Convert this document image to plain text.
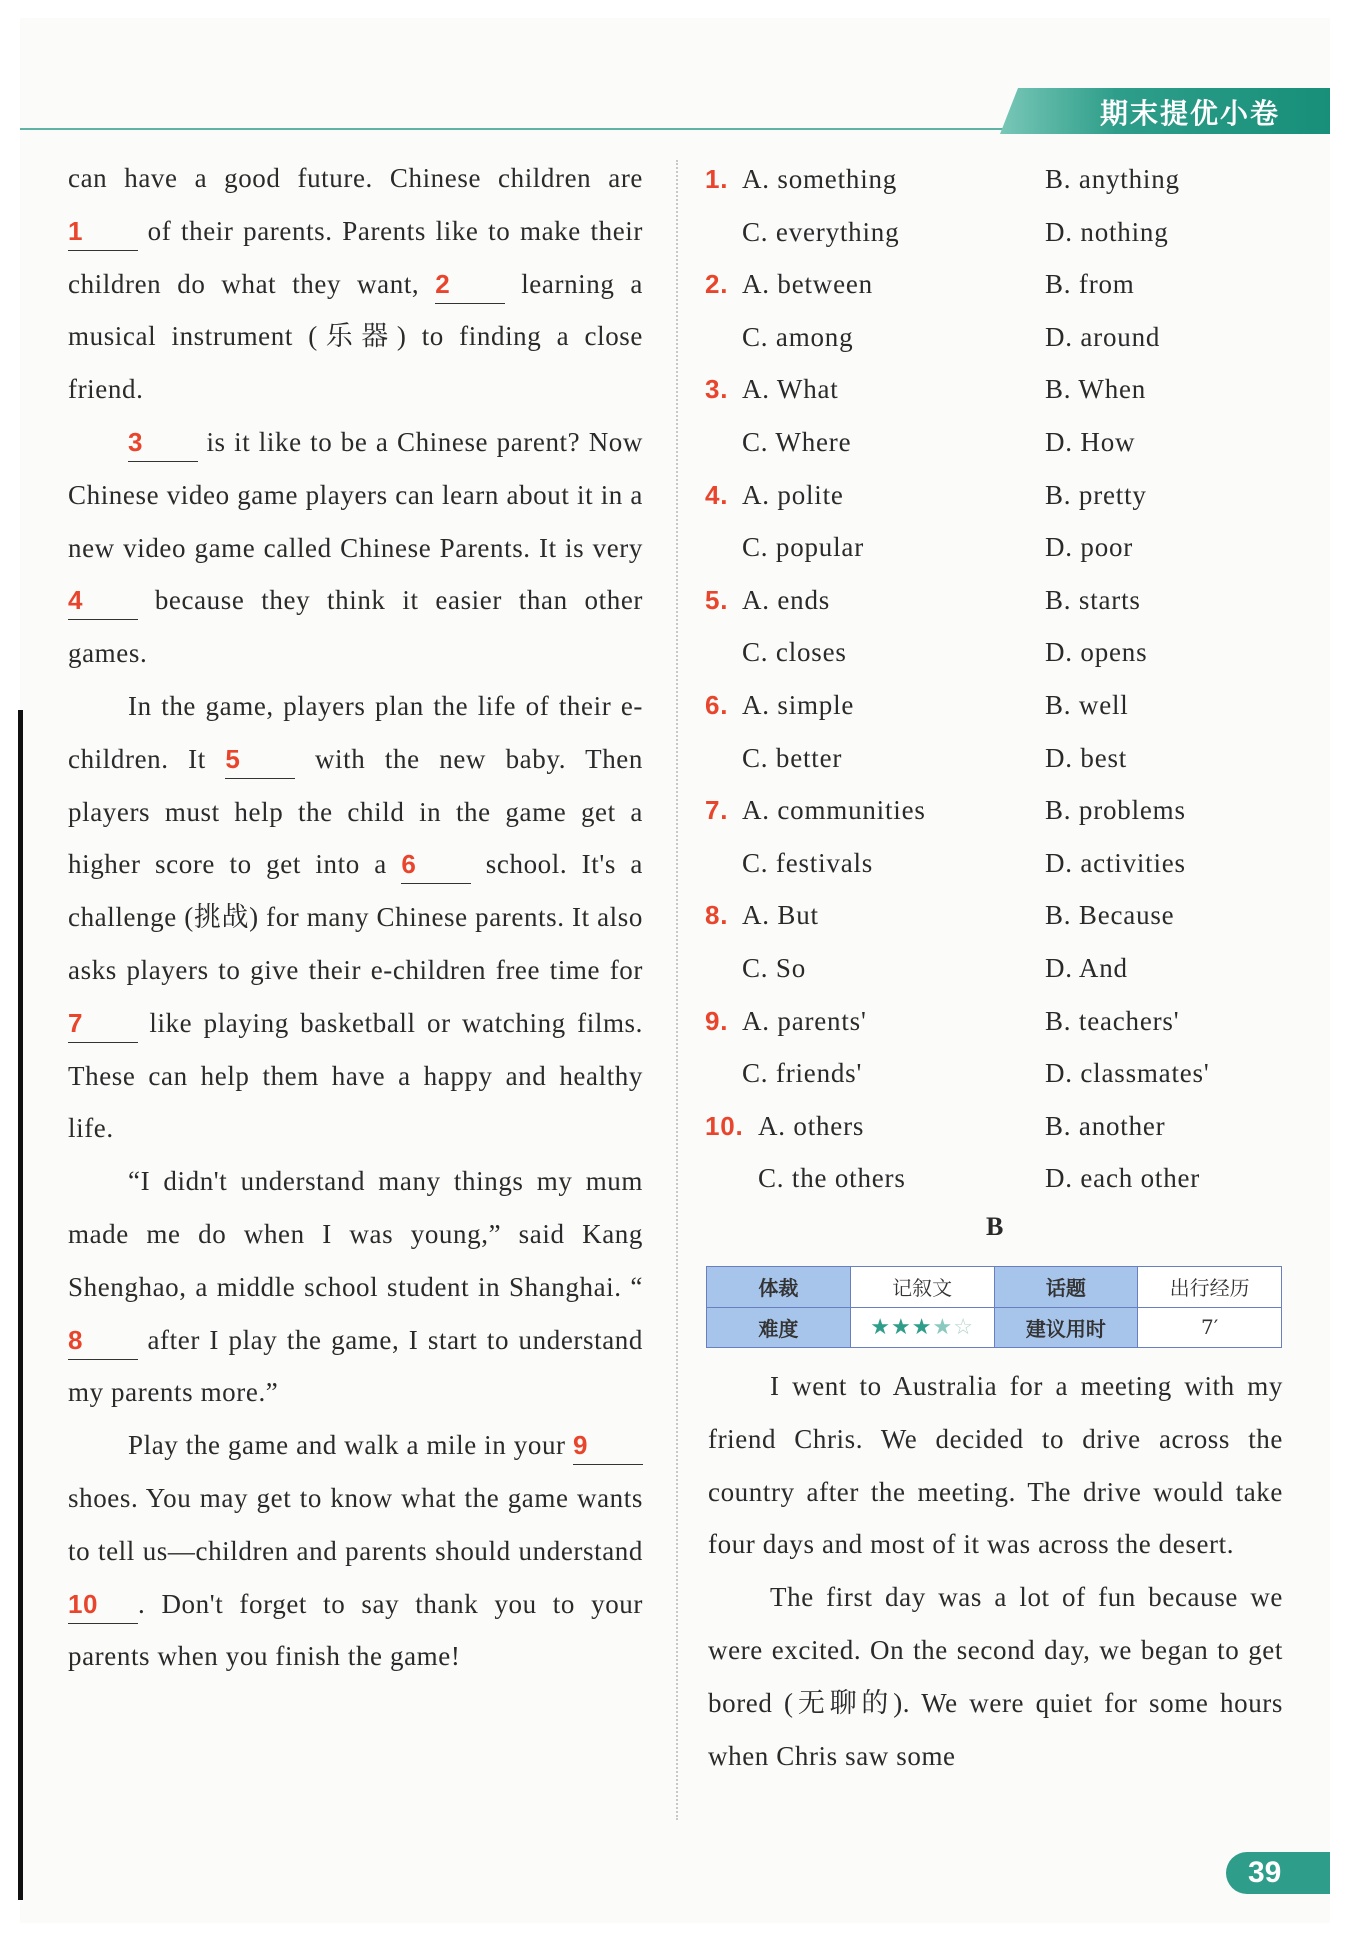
期末提优小卷

can have a good future. Chinese children are 1 of their parents. Parents like to make their children do what they want, 2 learning a musical instrument (乐器) to finding a close friend.

3 is it like to be a Chinese parent? Now Chinese video game players can learn about it in a new video game called Chinese Parents. It is very 4 because they think it easier than other games.

In the game, players plan the life of their e-children. It 5 with the new baby. Then players must help the child in the game get a higher score to get into a 6 school. It's a challenge (挑战) for many Chinese parents. It also asks players to give their e-children free time for 7 like playing basketball or watching films. These can help them have a happy and healthy life.

“I didn't understand many things my mum made me do when I was young,” said Kang Shenghao, a middle school student in Shanghai. “8 after I play the game, I start to understand my parents more.”

Play the game and walk a mile in your 9 shoes. You may get to know what the game wants to tell us—children and parents should understand 10 . Don't forget to say thank you to your parents when you finish the game!

1. A. something	B. anything
C. everything	D. nothing
2. A. between	B. from
C. among	D. around
3. A. What	B. When
C. Where	D. How
4. A. polite	B. pretty
C. popular	D. poor
5. A. ends	B. starts
C. closes	D. opens
6. A. simple	B. well
C. better	D. best
7. A. communities	B. problems
C. festivals	D. activities
8. A. But	B. Because
C. So	D. And
9. A. parents'	B. teachers'
C. friends'	D. classmates'
10. A. others	B. another
C. the others	D. each other
B
体裁	记叙文	话题	出行经历
难度	★★★★☆	建议用时	7′

I went to Australia for a meeting with my friend Chris. We decided to drive across the country after the meeting. The drive would take four days and most of it was across the desert.

The first day was a lot of fun because we were excited. On the second day, we began to get bored (无聊的). We were quiet for some hours when Chris saw some

39
